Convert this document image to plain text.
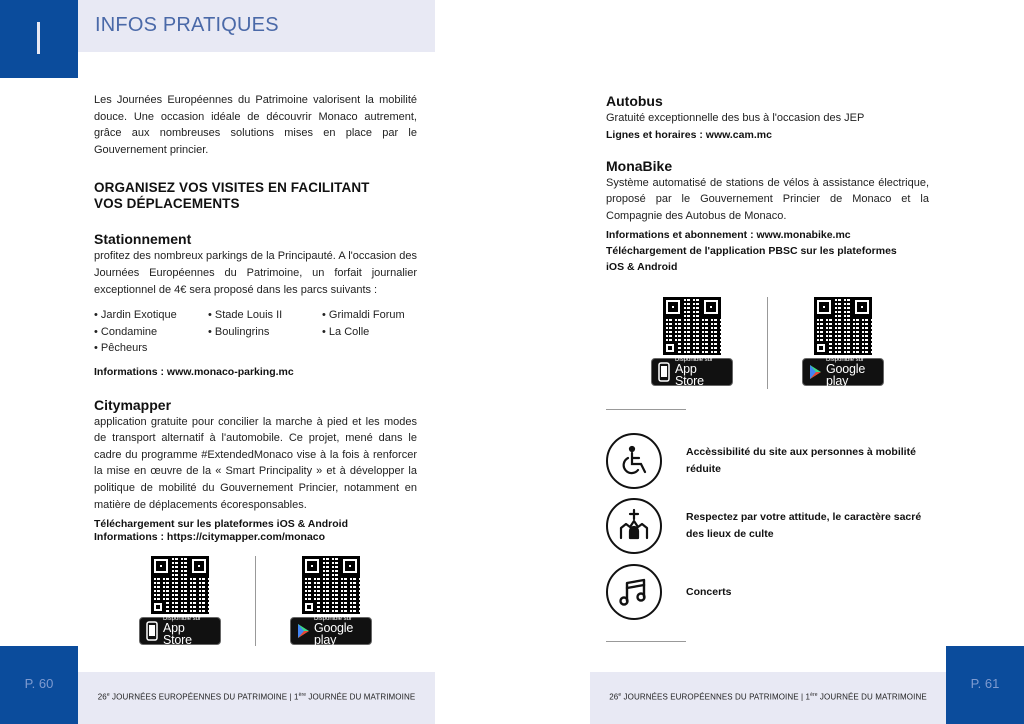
INFOS PRATIQUES

Les Journées Européennes du Patrimoine valorisent la mobilité douce. Une occasion idéale de découvrir Monaco autrement, grâce aux nombreuses solutions mises en place par le Gouvernement princier.

ORGANISEZ VOS VISITES EN FACILITANT
VOS DÉPLACEMENTS
Stationnement

profitez des nombreux parkings de la Principauté. A l'occasion des Journées Européennes du Patrimoine, un forfait journalier exceptionnel de 4€ sera proposé dans les parcs suivants :

• Jardin Exotique	• Stade Louis II	• Grimaldi Forum
• Condamine	• Boulingrins	• La Colle
• Pêcheurs
Informations : www.monaco-parking.mc
Citymapper

application gratuite pour concilier la marche à pied et les modes de transport alternatif à l'automobile. Ce projet, mené dans le cadre du programme #ExtendedMonaco vise à la fois à renforcer la mise en œuvre de la « Smart Principality » et à développer la politique de mobilité du Gouvernement Princier, notamment en matière de déplacements écoresponsables.

Téléchargement sur les plateformes iOS & Android
Informations : https://citymapper.com/monaco
Disponible sur
App Store
Disponible sur
Google play
Autobus

Gratuité exceptionnelle des bus à l'occasion des JEP

Lignes et horaires : www.cam.mc
MonaBike

Système automatisé de stations de vélos à assistance électrique, proposé par le Gouvernement Princier de Monaco et la Compagnie des Autobus de Monaco.

Informations et abonnement : www.monabike.mc
Téléchargement de l'application PBSC sur les plateformes
iOS & Android
Disponible sur
App Store
Disponible sur
Google play
Accèssibilité du site aux personnes à mobilité réduite
Respectez par votre attitude, le caractère sacré des lieux de culte
Concerts
P. 60
26e JOURNÉES EUROPÉENNES DU PATRIMOINE | 1ère JOURNÉE DU MATRIMOINE	26e JOURNÉES EUROPÉENNES DU PATRIMOINE | 1ère JOURNÉE DU MATRIMOINE
P. 61
